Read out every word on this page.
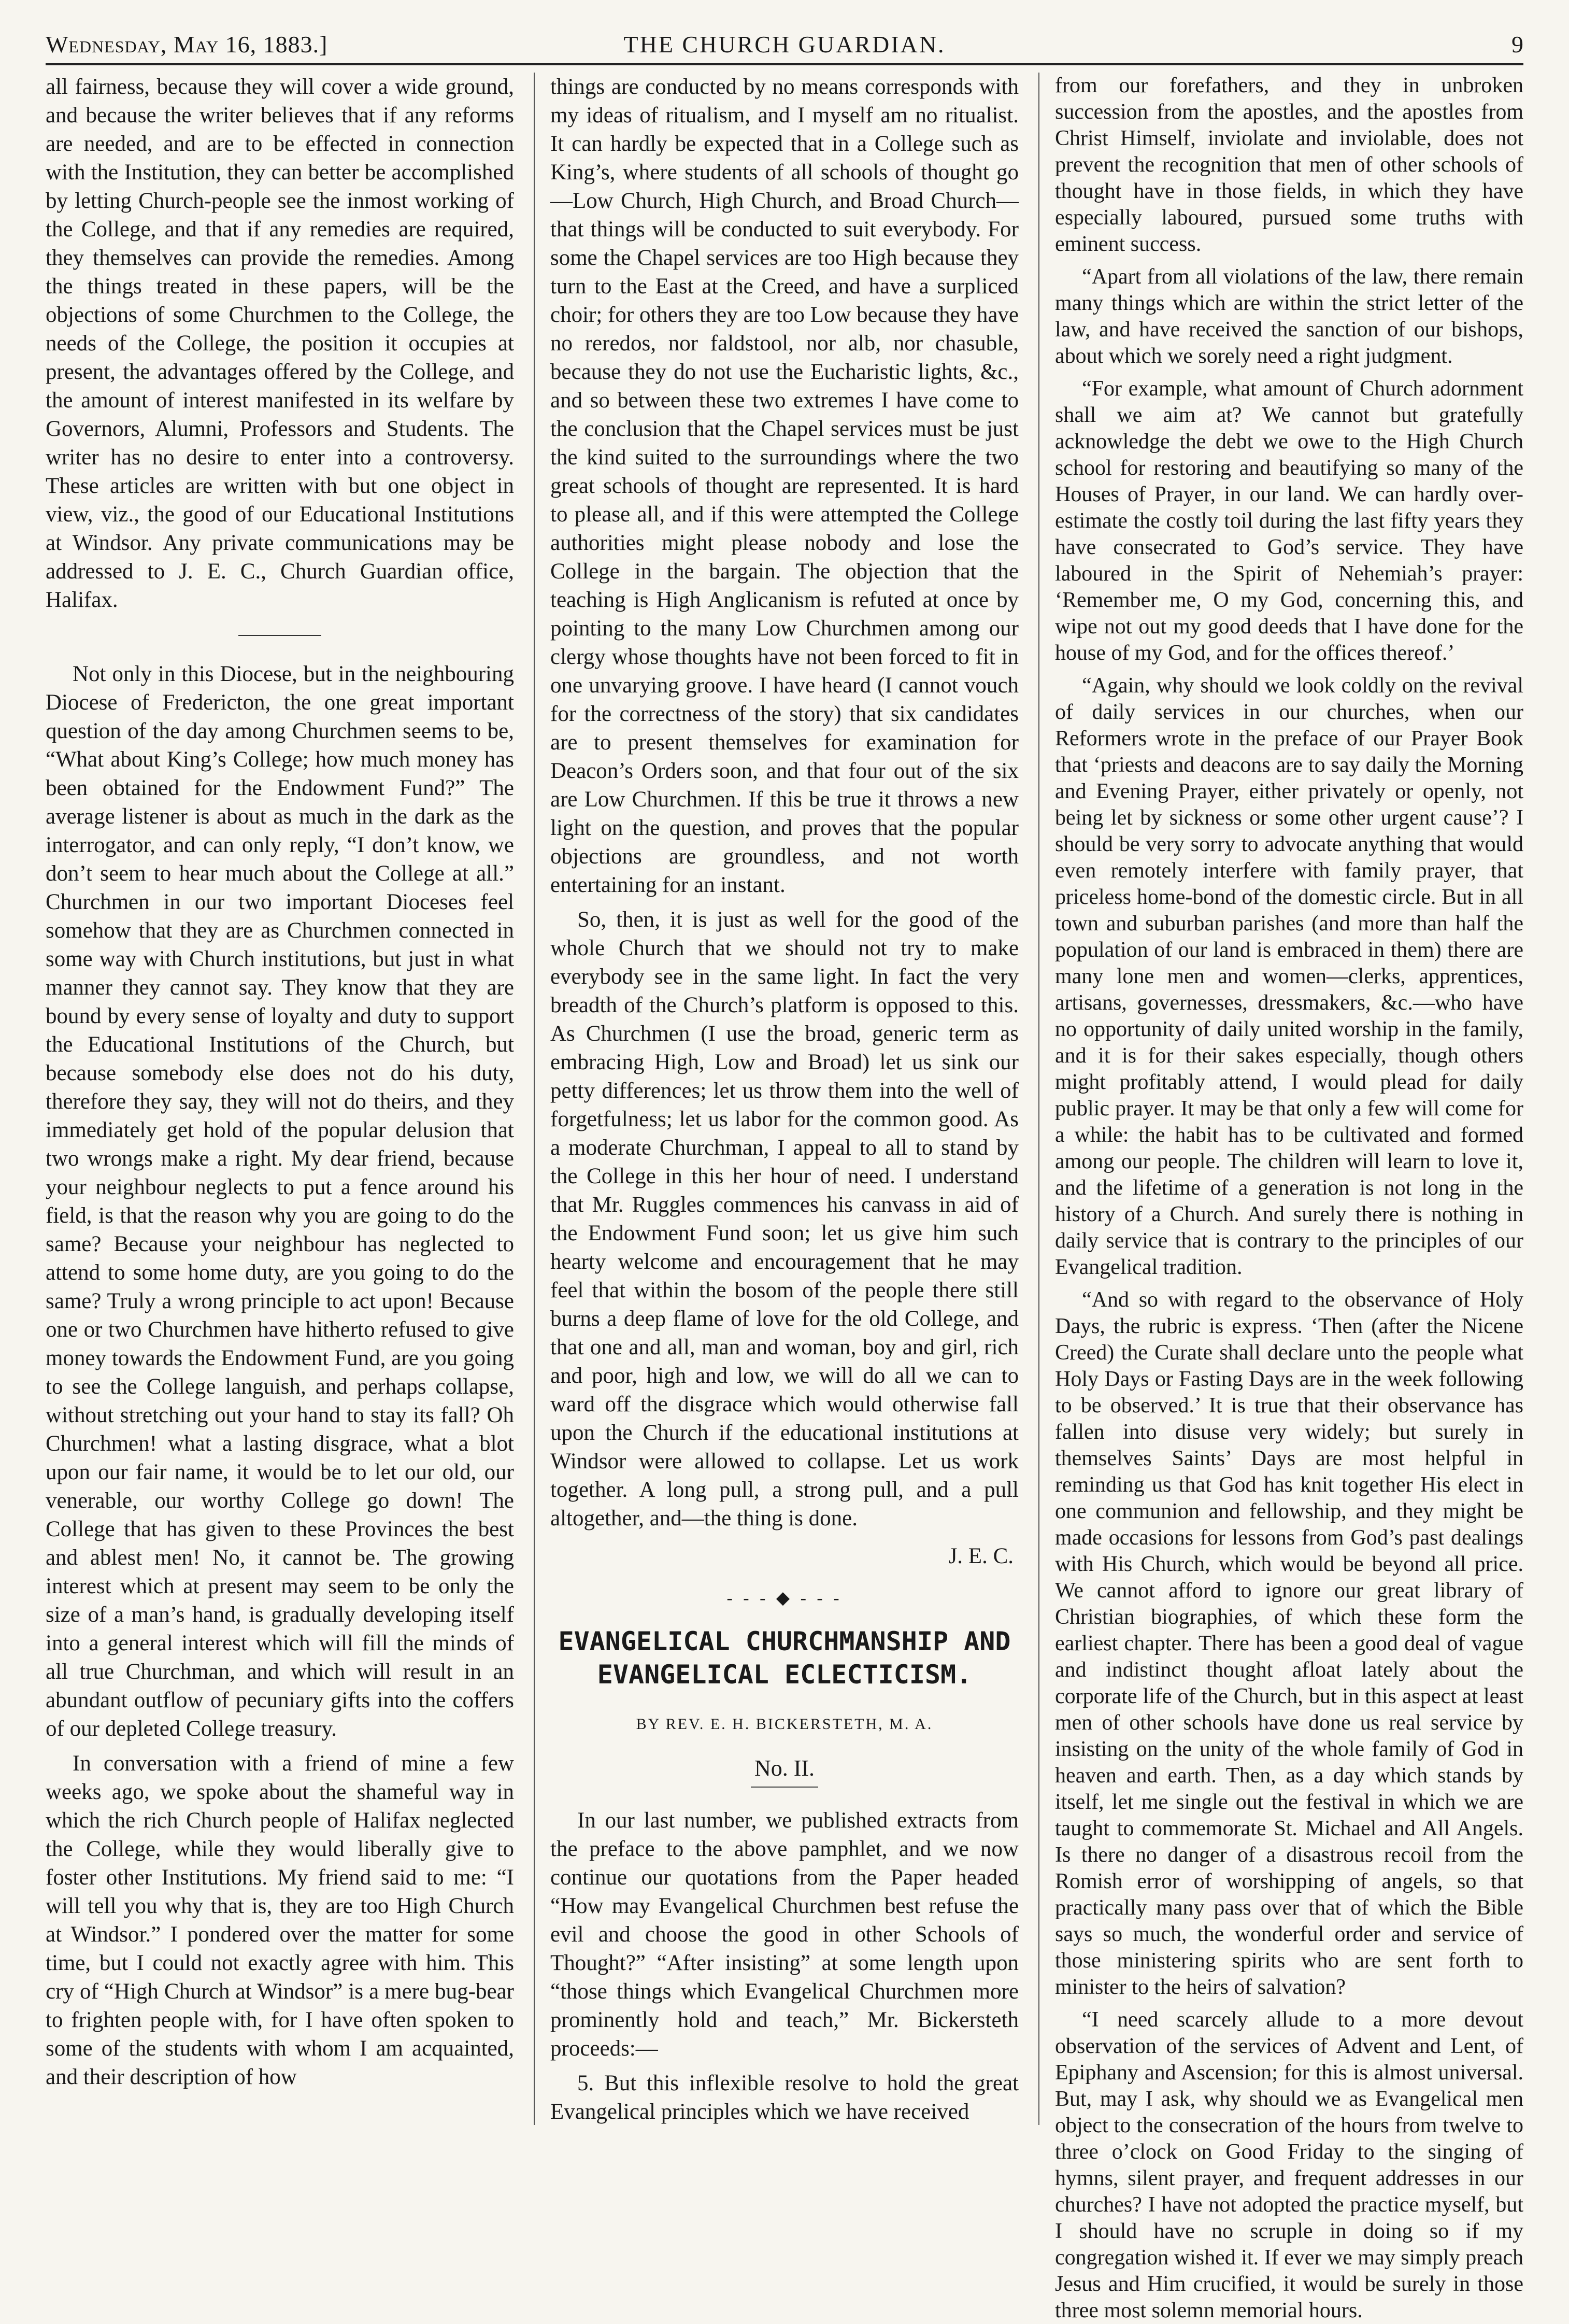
Wednesday, May 16, 1883.]	THE CHURCH GUARDIAN.	9

all fairness, because they will cover a wide ground, and because the writer believes that if any reforms are needed, and are to be effected in connection with the Institution, they can better be accomplished by letting Church-people see the inmost working of the College, and that if any remedies are required, they themselves can provide the remedies. Among the things treated in these papers, will be the objections of some Churchmen to the College, the needs of the College, the position it occupies at present, the advantages offered by the College, and the amount of interest manifested in its welfare by Governors, Alumni, Professors and Students. The writer has no desire to enter into a controversy. These articles are written with but one object in view, viz., the good of our Educational Institutions at Windsor. Any private communications may be addressed to J. E. C., Church Guardian office, Halifax.

Not only in this Diocese, but in the neighbouring Diocese of Fredericton, the one great important question of the day among Churchmen seems to be, “What about King’s College; how much money has been obtained for the Endowment Fund?” The average listener is about as much in the dark as the interrogator, and can only reply, “I don’t know, we don’t seem to hear much about the College at all.” Churchmen in our two important Dioceses feel somehow that they are as Churchmen connected in some way with Church institutions, but just in what manner they cannot say. They know that they are bound by every sense of loyalty and duty to support the Educational Institutions of the Church, but because somebody else does not do his duty, therefore they say, they will not do theirs, and they immediately get hold of the popular delusion that two wrongs make a right. My dear friend, because your neighbour neglects to put a fence around his field, is that the reason why you are going to do the same? Because your neighbour has neglected to attend to some home duty, are you going to do the same? Truly a wrong principle to act upon! Because one or two Churchmen have hitherto refused to give money towards the Endowment Fund, are you going to see the College languish, and perhaps collapse, without stretching out your hand to stay its fall? Oh Churchmen! what a lasting disgrace, what a blot upon our fair name, it would be to let our old, our venerable, our worthy College go down! The College that has given to these Provinces the best and ablest men! No, it cannot be. The growing interest which at present may seem to be only the size of a man’s hand, is gradually developing itself into a general interest which will fill the minds of all true Churchman, and which will result in an abundant outflow of pecuniary gifts into the coffers of our depleted College treasury.

In conversation with a friend of mine a few weeks ago, we spoke about the shameful way in which the rich Church people of Halifax neglected the College, while they would liberally give to foster other Institutions. My friend said to me: “I will tell you why that is, they are too High Church at Windsor.” I pondered over the matter for some time, but I could not exactly agree with him. This cry of “High Church at Windsor” is a mere bug-bear to frighten people with, for I have often spoken to some of the students with whom I am acquainted, and their description of how

things are conducted by no means corresponds with my ideas of ritualism, and I myself am no ritualist. It can hardly be expected that in a College such as King’s, where students of all schools of thought go—Low Church, High Church, and Broad Church—that things will be conducted to suit everybody. For some the Chapel services are too High because they turn to the East at the Creed, and have a surpliced choir; for others they are too Low because they have no reredos, nor faldstool, nor alb, nor chasuble, because they do not use the Eucharistic lights, &c., and so between these two extremes I have come to the conclusion that the Chapel services must be just the kind suited to the surroundings where the two great schools of thought are represented. It is hard to please all, and if this were attempted the College authorities might please nobody and lose the College in the bargain. The objection that the teaching is High Anglicanism is refuted at once by pointing to the many Low Churchmen among our clergy whose thoughts have not been forced to fit in one unvarying groove. I have heard (I cannot vouch for the correctness of the story) that six candidates are to present themselves for examination for Deacon’s Orders soon, and that four out of the six are Low Churchmen. If this be true it throws a new light on the question, and proves that the popular objections are groundless, and not worth entertaining for an instant.

So, then, it is just as well for the good of the whole Church that we should not try to make everybody see in the same light. In fact the very breadth of the Church’s platform is opposed to this. As Churchmen (I use the broad, generic term as embracing High, Low and Broad) let us sink our petty differences; let us throw them into the well of forgetfulness; let us labor for the common good. As a moderate Churchman, I appeal to all to stand by the College in this her hour of need. I understand that Mr. Ruggles commences his canvass in aid of the Endowment Fund soon; let us give him such hearty welcome and encouragement that he may feel that within the bosom of the people there still burns a deep flame of love for the old College, and that one and all, man and woman, boy and girl, rich and poor, high and low, we will do all we can to ward off the disgrace which would otherwise fall upon the Church if the educational institutions at Windsor were allowed to collapse. Let us work together. A long pull, a strong pull, and a pull altogether, and—the thing is done.

J. E. C.
- - - ◆ - - -
EVANGELICAL CHURCHMANSHIP AND EVANGELICAL ECLECTICISM.
BY REV. E. H. BICKERSTETH, M. A.
No. II.

In our last number, we published extracts from the preface to the above pamphlet, and we now continue our quotations from the Paper headed “How may Evangelical Churchmen best refuse the evil and choose the good in other Schools of Thought?” “After insisting” at some length upon “those things which Evangelical Churchmen more prominently hold and teach,” Mr. Bickersteth proceeds:—

5. But this inflexible resolve to hold the great Evangelical principles which we have received

from our forefathers, and they in unbroken succession from the apostles, and the apostles from Christ Himself, inviolate and inviolable, does not prevent the recognition that men of other schools of thought have in those fields, in which they have especially laboured, pursued some truths with eminent success.

“Apart from all violations of the law, there remain many things which are within the strict letter of the law, and have received the sanction of our bishops, about which we sorely need a right judgment.

“For example, what amount of Church adornment shall we aim at? We cannot but gratefully acknowledge the debt we owe to the High Church school for restoring and beautifying so many of the Houses of Prayer, in our land. We can hardly over-estimate the costly toil during the last fifty years they have consecrated to God’s service. They have laboured in the Spirit of Nehemiah’s prayer: ‘Remember me, O my God, concerning this, and wipe not out my good deeds that I have done for the house of my God, and for the offices thereof.’

“Again, why should we look coldly on the revival of daily services in our churches, when our Reformers wrote in the preface of our Prayer Book that ‘priests and deacons are to say daily the Morning and Evening Prayer, either privately or openly, not being let by sickness or some other urgent cause’? I should be very sorry to advocate anything that would even remotely interfere with family prayer, that priceless home-bond of the domestic circle. But in all town and suburban parishes (and more than half the population of our land is embraced in them) there are many lone men and women—clerks, apprentices, artisans, governesses, dressmakers, &c.—who have no opportunity of daily united worship in the family, and it is for their sakes especially, though others might profitably attend, I would plead for daily public prayer. It may be that only a few will come for a while: the habit has to be cultivated and formed among our people. The children will learn to love it, and the lifetime of a generation is not long in the history of a Church. And surely there is nothing in daily service that is contrary to the principles of our Evangelical tradition.

“And so with regard to the observance of Holy Days, the rubric is express. ‘Then (after the Nicene Creed) the Curate shall declare unto the people what Holy Days or Fasting Days are in the week following to be observed.’ It is true that their observance has fallen into disuse very widely; but surely in themselves Saints’ Days are most helpful in reminding us that God has knit together His elect in one communion and fellowship, and they might be made occasions for lessons from God’s past dealings with His Church, which would be beyond all price. We cannot afford to ignore our great library of Christian biographies, of which these form the earliest chapter. There has been a good deal of vague and indistinct thought afloat lately about the corporate life of the Church, but in this aspect at least men of other schools have done us real service by insisting on the unity of the whole family of God in heaven and earth. Then, as a day which stands by itself, let me single out the festival in which we are taught to commemorate St. Michael and All Angels. Is there no danger of a disastrous recoil from the Romish error of worshipping of angels, so that practically many pass over that of which the Bible says so much, the wonderful order and service of those ministering spirits who are sent forth to minister to the heirs of salvation?

“I need scarcely allude to a more devout observation of the services of Advent and Lent, of Epiphany and Ascension; for this is almost universal. But, may I ask, why should we as Evangelical men object to the consecration of the hours from twelve to three o’clock on Good Friday to the singing of hymns, silent prayer, and frequent addresses in our churches? I have not adopted the practice myself, but I should have no scruple in doing so if my congregation wished it. If ever we may simply preach Jesus and Him crucified, it would be surely in those three most solemn memorial hours.
